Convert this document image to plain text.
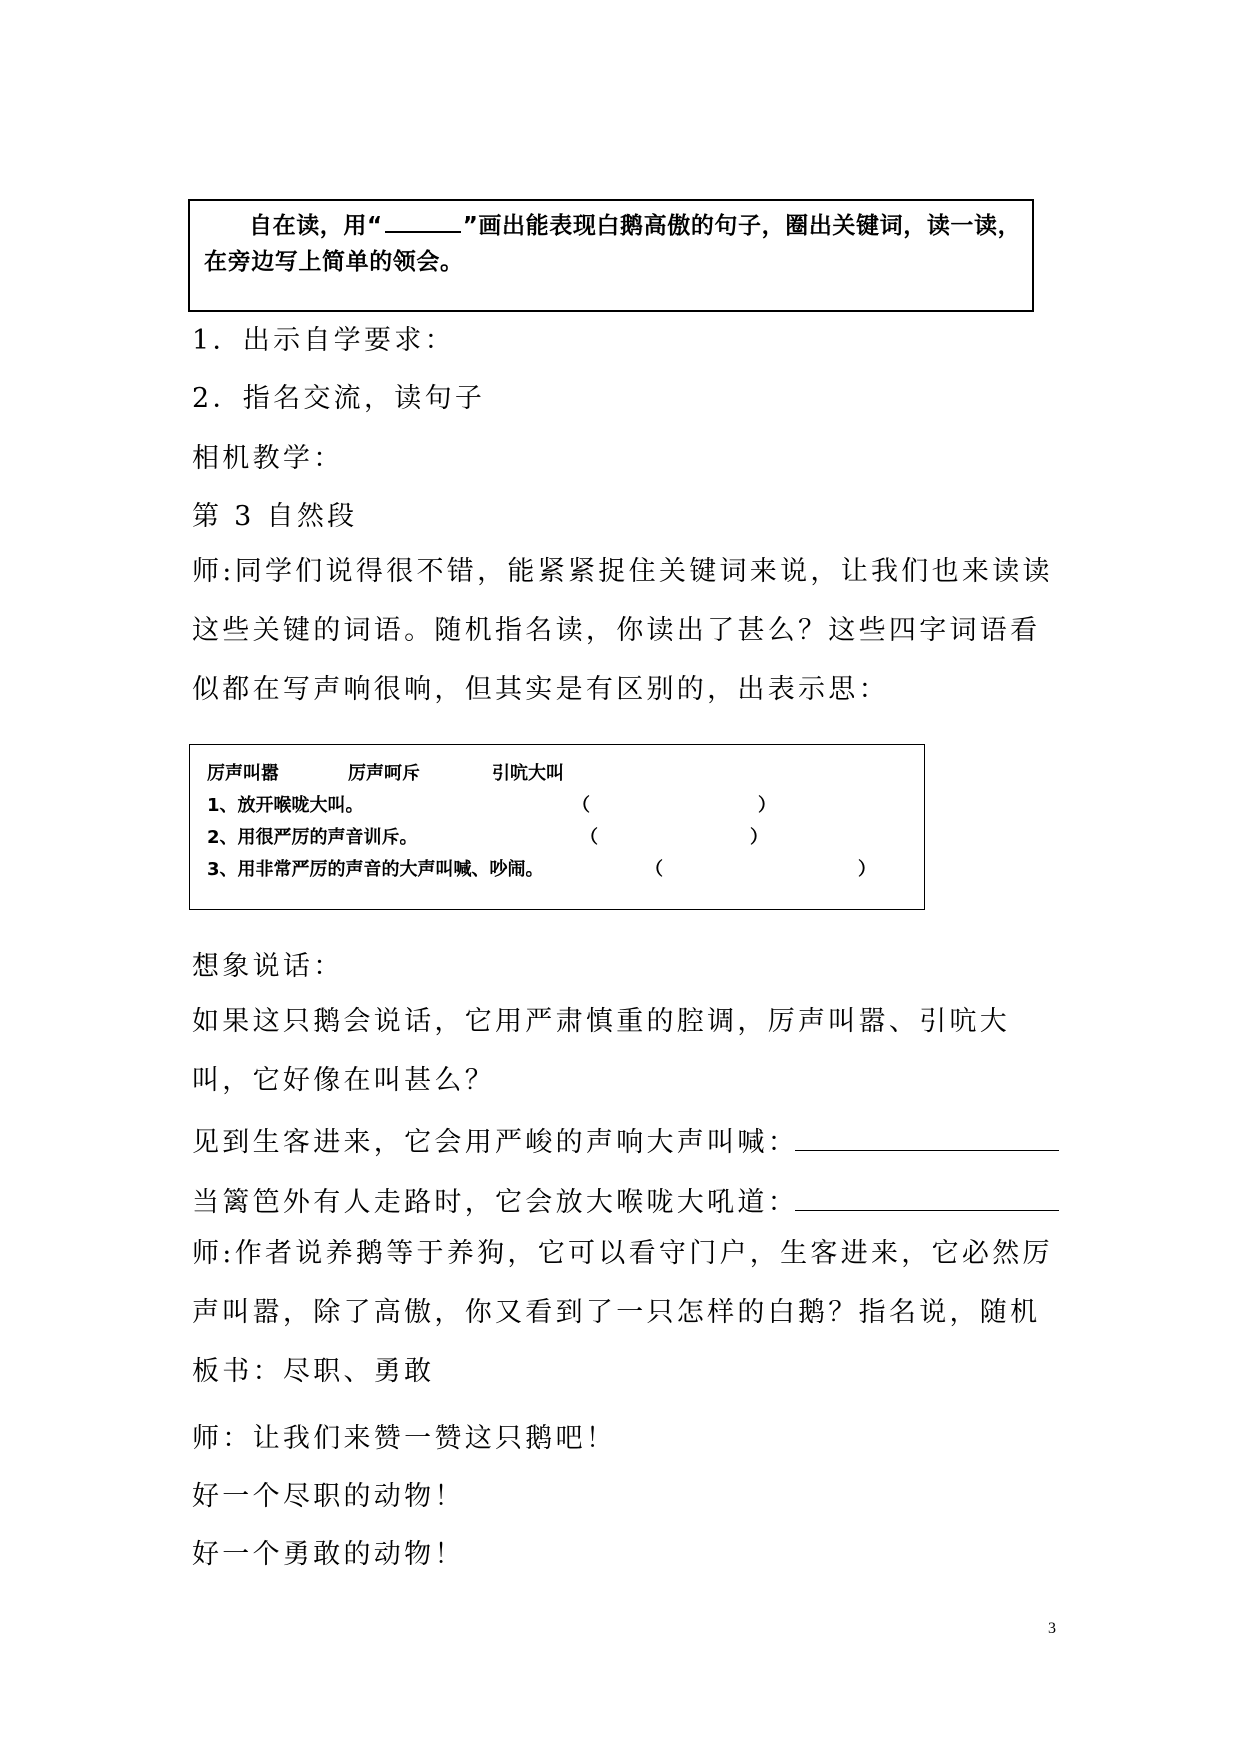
自在读，用“	”画出能表现白鹅高傲的句子，圈出关键词，读一读，在旁边写上简单的领会。
1．出示自学要求：
2．指名交流，读句子
相机教学：
第 3 自然段
师:同学们说得很不错，能紧紧捉住关键词来说，让我们也来读读这些关键的词语。随机指名读，你读出了甚么？这些四字词语看似都在写声响很响，但其实是有区别的，出表示思：
厉声叫嚣	厉声呵斥	引吭大叫
1、放开喉咙大叫。	（	）
2、用很严厉的声音训斥。	（	）
3、用非常严厉的声音的大声叫喊、吵闹。	（	）
想象说话：
如果这只鹅会说话，它用严肃慎重的腔调，厉声叫嚣、引吭大叫，它好像在叫甚么？
见到生客进来，它会用严峻的声响大声叫喊：
当篱笆外有人走路时，它会放大喉咙大吼道：
师:作者说养鹅等于养狗，它可以看守门户，生客进来，它必然厉声叫嚣，除了高傲，你又看到了一只怎样的白鹅？指名说，随机板书：尽职、勇敢
师：让我们来赞一赞这只鹅吧！
好一个尽职的动物！
好一个勇敢的动物！
3
